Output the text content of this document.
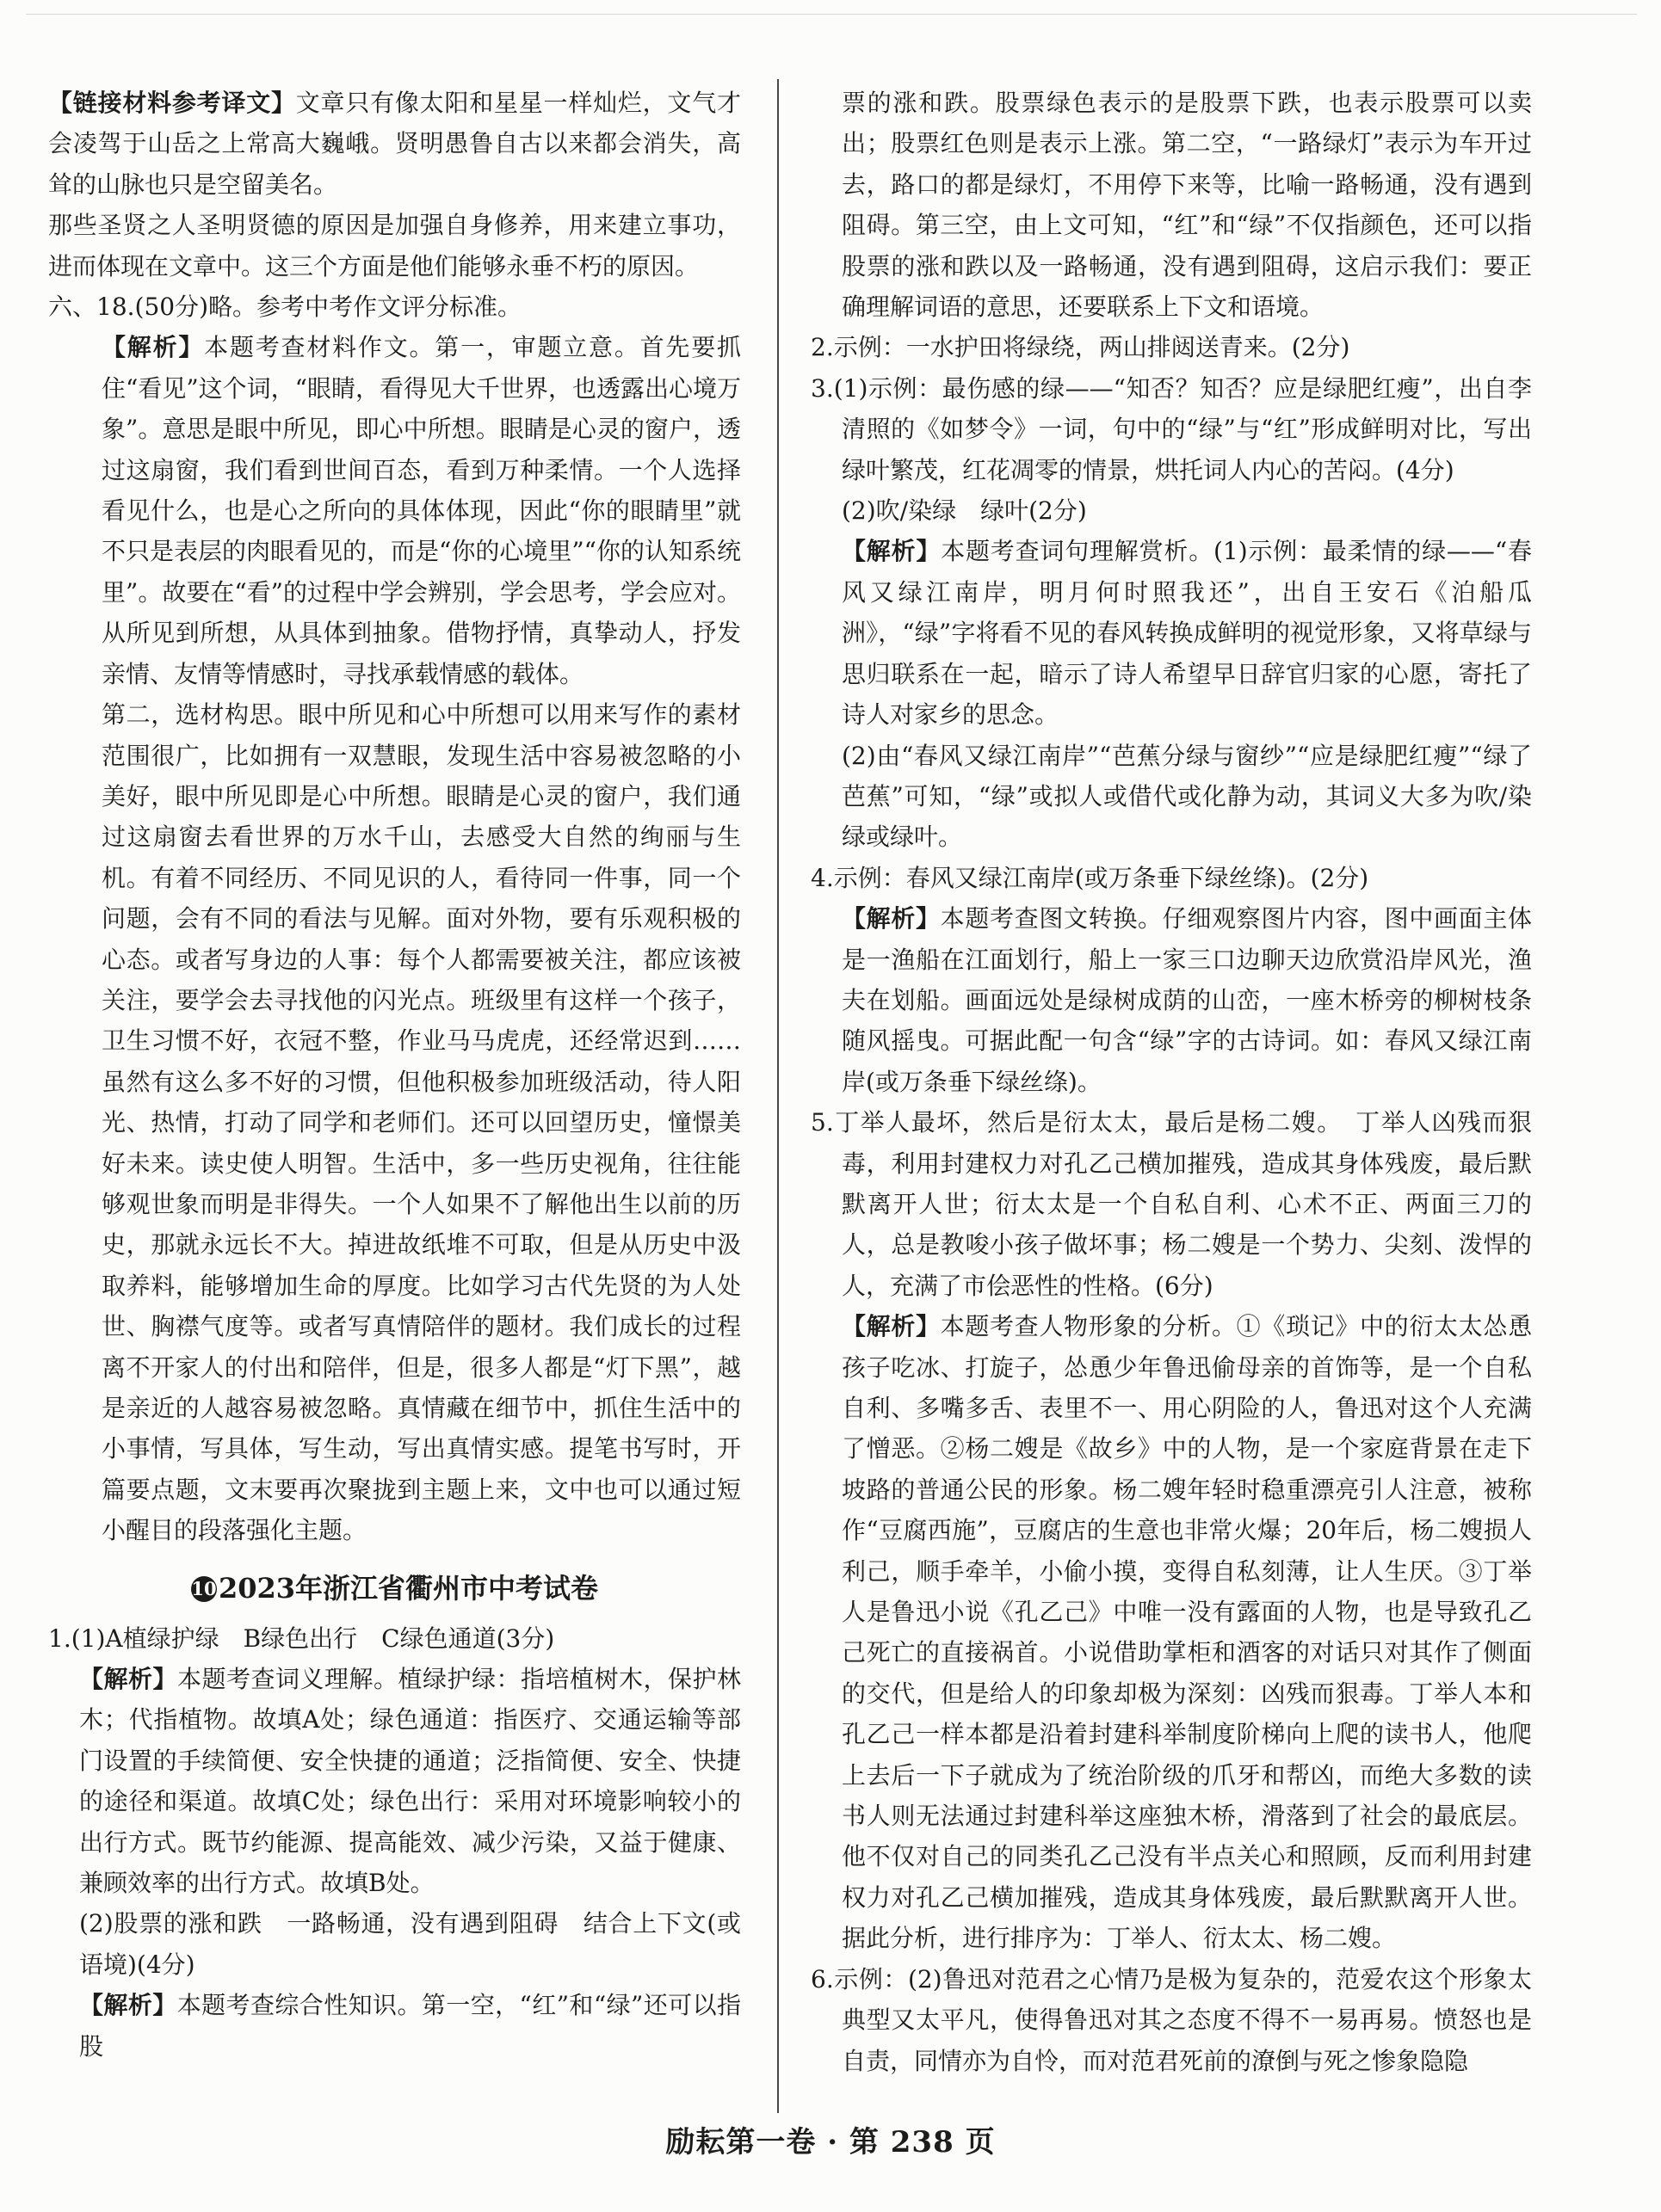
【链接材料参考译文】文章只有像太阳和星星一样灿烂，文气才会凌驾于山岳之上常高大巍峨。贤明愚鲁自古以来都会消失，高耸的山脉也只是空留美名。

那些圣贤之人圣明贤德的原因是加强自身修养，用来建立事功，进而体现在文章中。这三个方面是他们能够永垂不朽的原因。

六、18.(50分)略。参考中考作文评分标准。

【解析】本题考查材料作文。第一，审题立意。首先要抓住“看见”这个词，“眼睛，看得见大千世界，也透露出心境万象”。意思是眼中所见，即心中所想。眼睛是心灵的窗户，透过这扇窗，我们看到世间百态，看到万种柔情。一个人选择看见什么，也是心之所向的具体体现，因此“你的眼睛里”就不只是表层的肉眼看见的，而是“你的心境里”“你的认知系统里”。故要在“看”的过程中学会辨别，学会思考，学会应对。从所见到所想，从具体到抽象。借物抒情，真挚动人，抒发亲情、友情等情感时，寻找承载情感的载体。

第二，选材构思。眼中所见和心中所想可以用来写作的素材范围很广，比如拥有一双慧眼，发现生活中容易被忽略的小美好，眼中所见即是心中所想。眼睛是心灵的窗户，我们通过这扇窗去看世界的万水千山，去感受大自然的绚丽与生机。有着不同经历、不同见识的人，看待同一件事，同一个问题，会有不同的看法与见解。面对外物，要有乐观积极的心态。或者写身边的人事：每个人都需要被关注，都应该被关注，要学会去寻找他的闪光点。班级里有这样一个孩子，卫生习惯不好，衣冠不整，作业马马虎虎，还经常迟到……虽然有这么多不好的习惯，但他积极参加班级活动，待人阳光、热情，打动了同学和老师们。还可以回望历史，憧憬美好未来。读史使人明智。生活中，多一些历史视角，往往能够观世象而明是非得失。一个人如果不了解他出生以前的历史，那就永远长不大。掉进故纸堆不可取，但是从历史中汲取养料，能够增加生命的厚度。比如学习古代先贤的为人处世、胸襟气度等。或者写真情陪伴的题材。我们成长的过程离不开家人的付出和陪伴，但是，很多人都是“灯下黑”，越是亲近的人越容易被忽略。真情藏在细节中，抓住生活中的小事情，写具体，写生动，写出真情实感。提笔书写时，开篇要点题，文末要再次聚拢到主题上来，文中也可以通过短小醒目的段落强化主题。

102023年浙江省衢州市中考试卷

1.(1)A植绿护绿　B绿色出行　C绿色通道(3分)

【解析】本题考查词义理解。植绿护绿：指培植树木，保护林木；代指植物。故填A处；绿色通道：指医疗、交通运输等部门设置的手续简便、安全快捷的通道；泛指简便、安全、快捷的途径和渠道。故填C处；绿色出行：采用对环境影响较小的出行方式。既节约能源、提高能效、减少污染，又益于健康、兼顾效率的出行方式。故填B处。

(2)股票的涨和跌　一路畅通，没有遇到阻碍　结合上下文(或语境)(4分)

【解析】本题考查综合性知识。第一空，“红”和“绿”还可以指股

票的涨和跌。股票绿色表示的是股票下跌，也表示股票可以卖出；股票红色则是表示上涨。第二空，“一路绿灯”表示为车开过去，路口的都是绿灯，不用停下来等，比喻一路畅通，没有遇到阻碍。第三空，由上文可知，“红”和“绿”不仅指颜色，还可以指股票的涨和跌以及一路畅通，没有遇到阻碍，这启示我们：要正确理解词语的意思，还要联系上下文和语境。

2.示例：一水护田将绿绕，两山排闼送青来。(2分)

3.(1)示例：最伤感的绿——“知否？知否？应是绿肥红瘦”，出自李清照的《如梦令》一词，句中的“绿”与“红”形成鲜明对比，写出绿叶繁茂，红花凋零的情景，烘托词人内心的苦闷。(4分)

(2)吹/染绿　绿叶(2分)

【解析】本题考查词句理解赏析。(1)示例：最柔情的绿——“春风又绿江南岸，明月何时照我还”，出自王安石《泊船瓜洲》，“绿”字将看不见的春风转换成鲜明的视觉形象，又将草绿与思归联系在一起，暗示了诗人希望早日辞官归家的心愿，寄托了诗人对家乡的思念。

(2)由“春风又绿江南岸”“芭蕉分绿与窗纱”“应是绿肥红瘦”“绿了芭蕉”可知，“绿”或拟人或借代或化静为动，其词义大多为吹/染绿或绿叶。

4.示例：春风又绿江南岸(或万条垂下绿丝绦)。(2分)

【解析】本题考查图文转换。仔细观察图片内容，图中画面主体是一渔船在江面划行，船上一家三口边聊天边欣赏沿岸风光，渔夫在划船。画面远处是绿树成荫的山峦，一座木桥旁的柳树枝条随风摇曳。可据此配一句含“绿”字的古诗词。如：春风又绿江南岸(或万条垂下绿丝绦)。

5.丁举人最坏，然后是衍太太，最后是杨二嫂。　丁举人凶残而狠毒，利用封建权力对孔乙己横加摧残，造成其身体残废，最后默默离开人世；衍太太是一个自私自利、心术不正、两面三刀的人，总是教唆小孩子做坏事；杨二嫂是一个势力、尖刻、泼悍的人，充满了市侩恶性的性格。(6分)

【解析】本题考查人物形象的分析。①《琐记》中的衍太太怂恿孩子吃冰、打旋子，怂恿少年鲁迅偷母亲的首饰等，是一个自私自利、多嘴多舌、表里不一、用心阴险的人，鲁迅对这个人充满了憎恶。②杨二嫂是《故乡》中的人物，是一个家庭背景在走下坡路的普通公民的形象。杨二嫂年轻时稳重漂亮引人注意，被称作“豆腐西施”，豆腐店的生意也非常火爆；20年后，杨二嫂损人利己，顺手牵羊，小偷小摸，变得自私刻薄，让人生厌。③丁举人是鲁迅小说《孔乙己》中唯一没有露面的人物，也是导致孔乙己死亡的直接祸首。小说借助掌柜和酒客的对话只对其作了侧面的交代，但是给人的印象却极为深刻：凶残而狠毒。丁举人本和孔乙己一样本都是沿着封建科举制度阶梯向上爬的读书人，他爬上去后一下子就成为了统治阶级的爪牙和帮凶，而绝大多数的读书人则无法通过封建科举这座独木桥，滑落到了社会的最底层。他不仅对自己的同类孔乙己没有半点关心和照顾，反而利用封建权力对孔乙己横加摧残，造成其身体残废，最后默默离开人世。据此分析，进行排序为：丁举人、衍太太、杨二嫂。

6.示例：(2)鲁迅对范君之心情乃是极为复杂的，范爱农这个形象太典型又太平凡，使得鲁迅对其之态度不得不一易再易。愤怒也是自责，同情亦为自怜，而对范君死前的潦倒与死之惨象隐隐

励耘第一卷 · 第 238 页
